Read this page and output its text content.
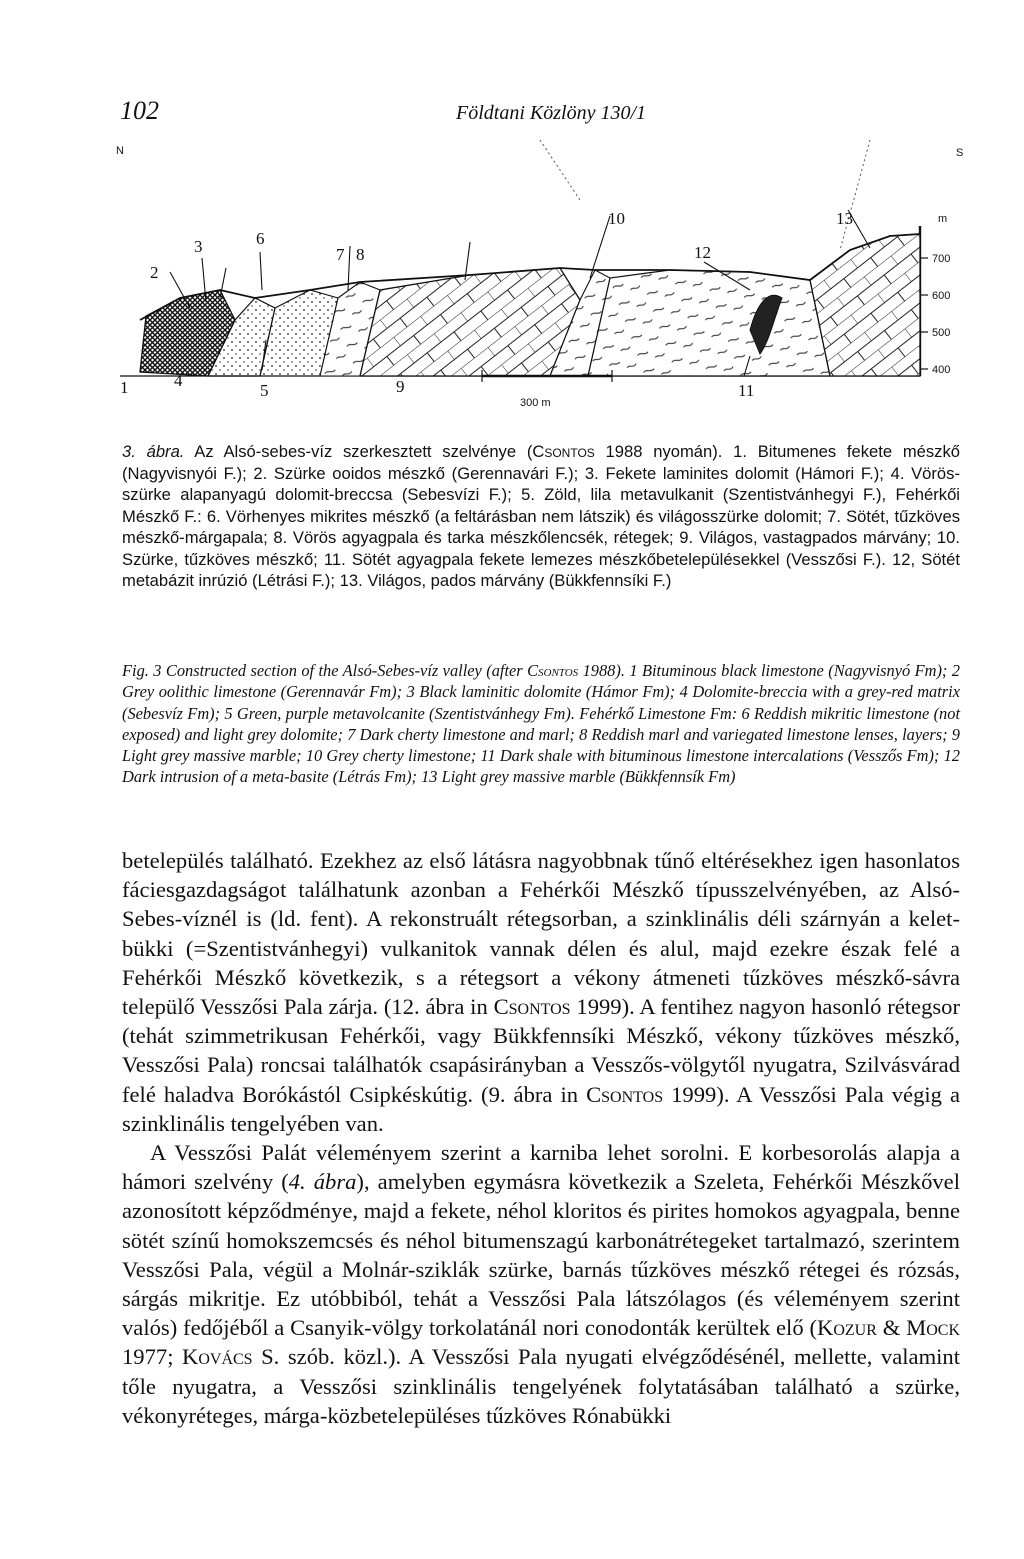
102	Földtani Közlöny 130/1
1
2
3
4
5
6
7 8
9
10
11
12
13
N	S
300 m
m
700
600
500
400
3. ábra. Az Alsó-sebes-víz szerkesztett szelvénye (Csontos 1988 nyomán). 1. Bitumenes fekete mészkő (Nagyvisnyói F.); 2. Szürke ooidos mészkő (Gerennavári F.); 3. Fekete laminites dolomit (Hámori F.); 4. Vörös-szürke alapanyagú dolomit-breccsa (Sebesvízi F.); 5. Zöld, lila metavulkanit (Szentistvánhegyi F.), Fehérkői Mészkő F.: 6. Vörhenyes mikrites mészkő (a feltárásban nem látszik) és világosszürke dolomit; 7. Sötét, tűzköves mészkő-márgapala; 8. Vörös agyagpala és tarka mészkőlencsék, rétegek; 9. Világos, vastagpados márvány; 10. Szürke, tűzköves mészkő; 11. Sötét agyagpala fekete lemezes mészkőbetelepülésekkel (Vesszősi F.). 12, Sötét metabázit inrúzió (Létrási F.); 13. Világos, pados márvány (Bükkfennsíki F.)
Fig. 3 Constructed section of the Alsó-Sebes-víz valley (after Csontos 1988). 1 Bituminous black limestone (Nagyvisnyó Fm); 2 Grey oolithic limestone (Gerennavár Fm); 3 Black laminitic dolomite (Hámor Fm); 4 Dolomite-breccia with a grey-red matrix (Sebesvíz Fm); 5 Green, purple metavolcanite (Szentistvánhegy Fm). Fehérkő Limestone Fm: 6 Reddish mikritic limestone (not exposed) and light grey dolomite; 7 Dark cherty limestone and marl; 8 Reddish marl and variegated limestone lenses, layers; 9 Light grey massive marble; 10 Grey cherty limestone; 11 Dark shale with bituminous limestone intercalations (Vesszős Fm); 12 Dark intrusion of a meta-basite (Létrás Fm); 13 Light grey massive marble (Bükkfennsík Fm)

betelepülés található. Ezekhez az első látásra nagyobbnak tűnő eltérésekhez igen hasonlatos fáciesgazdagságot találhatunk azonban a Fehérkői Mészkő típusszelvényében, az Alsó-Sebes-víznél is (ld. fent). A rekonstruált rétegsorban, a szinklinális déli szárnyán a kelet-bükki (=Szentistvánhegyi) vulkanitok vannak délen és alul, majd ezekre észak felé a Fehérkői Mészkő következik, s a rétegsort a vékony átmeneti tűzköves mészkő-sávra települő Vesszősi Pala zárja. (12. ábra in Csontos 1999). A fentihez nagyon hasonló rétegsor (tehát szimmetrikusan Fehérkői, vagy Bükkfennsíki Mészkő, vékony tűzköves mészkő, Vesszősi Pala) roncsai találhatók csapásirányban a Vesszős-völgytől nyugatra, Szilvásvárad felé haladva Borókástól Csipkéskútig. (9. ábra in Csontos 1999). A Vesszősi Pala végig a szinklinális tengelyében van.

A Vesszősi Palát véleményem szerint a karniba lehet sorolni. E korbesorolás alapja a hámori szelvény (4. ábra), amelyben egymásra következik a Szeleta, Fehérkői Mészkővel azonosított képződménye, majd a fekete, néhol kloritos és pirites homokos agyagpala, benne sötét színű homokszemcsés és néhol bitumenszagú karbonátrétegeket tartalmazó, szerintem Vesszősi Pala, végül a Molnár-sziklák szürke, barnás tűzköves mészkő rétegei és rózsás, sárgás mikritje. Ez utóbbiból, tehát a Vesszősi Pala látszólagos (és véleményem szerint valós) fedőjéből a Csanyik-völgy torkolatánál nori conodonták kerültek elő (Kozur & Mock 1977; Kovács S. szób. közl.). A Vesszősi Pala nyugati elvégződésénél, mellette, valamint tőle nyugatra, a Vesszősi szinklinális tengelyének folytatásában található a szürke, vékonyréteges, márga-közbetelepüléses tűzköves Rónabükki
